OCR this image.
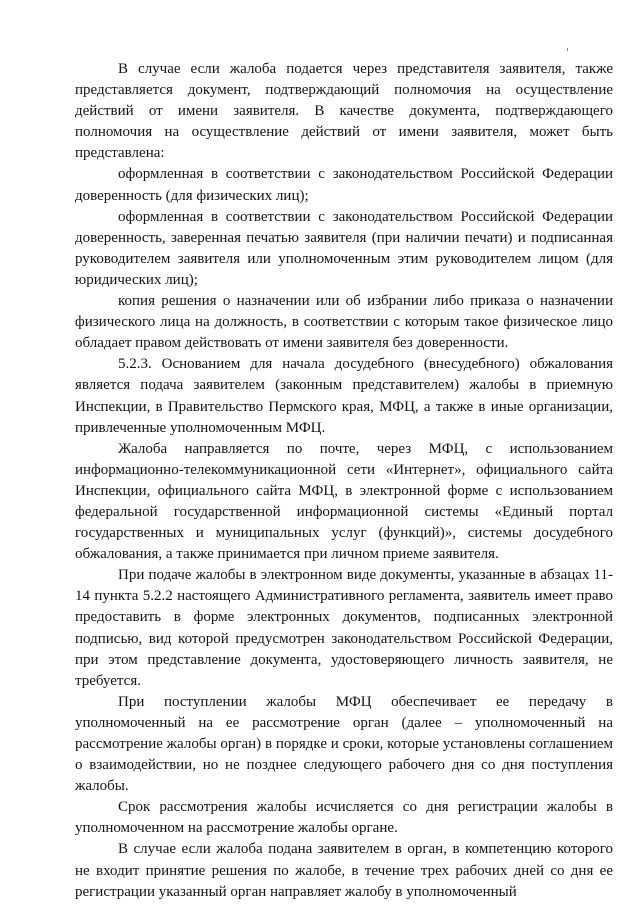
В случае если жалоба подается через представителя заявителя, также представляется документ, подтверждающий полномочия на осуществление действий от имени заявителя. В качестве документа, подтверждающего полномочия на осуществление действий от имени заявителя, может быть представлена:

оформленная в соответствии с законодательством Российской Федерации доверенность (для физических лиц);

оформленная в соответствии с законодательством Российской Федерации доверенность, заверенная печатью заявителя (при наличии печати) и подписанная руководителем заявителя или уполномоченным этим руководителем лицом (для юридических лиц);

копия решения о назначении или об избрании либо приказа о назначении физического лица на должность, в соответствии с которым такое физическое лицо обладает правом действовать от имени заявителя без доверенности.

5.2.3. Основанием для начала досудебного (внесудебного) обжалования является подача заявителем (законным представителем) жалобы в приемную Инспекции, в Правительство Пермского края, МФЦ, а также в иные организации, привлеченные уполномоченным МФЦ.

Жалоба направляется по почте, через МФЦ, с использованием информационно-телекоммуникационной сети «Интернет», официального сайта Инспекции, официального сайта МФЦ, в электронной форме с использованием федеральной государственной информационной системы «Единый портал государственных и муниципальных услуг (функций)», системы досудебного обжалования, а также принимается при личном приеме заявителя.

При подаче жалобы в электронном виде документы, указанные в абзацах 11-14 пункта 5.2.2 настоящего Административного регламента, заявитель имеет право предоставить в форме электронных документов, подписанных электронной подписью, вид которой предусмотрен законодательством Российской Федерации, при этом представление документа, удостоверяющего личность заявителя, не требуется.

При поступлении жалобы МФЦ обеспечивает ее передачу в уполномоченный на ее рассмотрение орган (далее – уполномоченный на рассмотрение жалобы орган) в порядке и сроки, которые установлены соглашением о взаимодействии, но не позднее следующего рабочего дня со дня поступления жалобы.

Срок рассмотрения жалобы исчисляется со дня регистрации жалобы в уполномоченном на рассмотрение жалобы органе.

В случае если жалоба подана заявителем в орган, в компетенцию которого не входит принятие решения по жалобе, в течение трех рабочих дней со дня ее регистрации указанный орган направляет жалобу в уполномоченный
